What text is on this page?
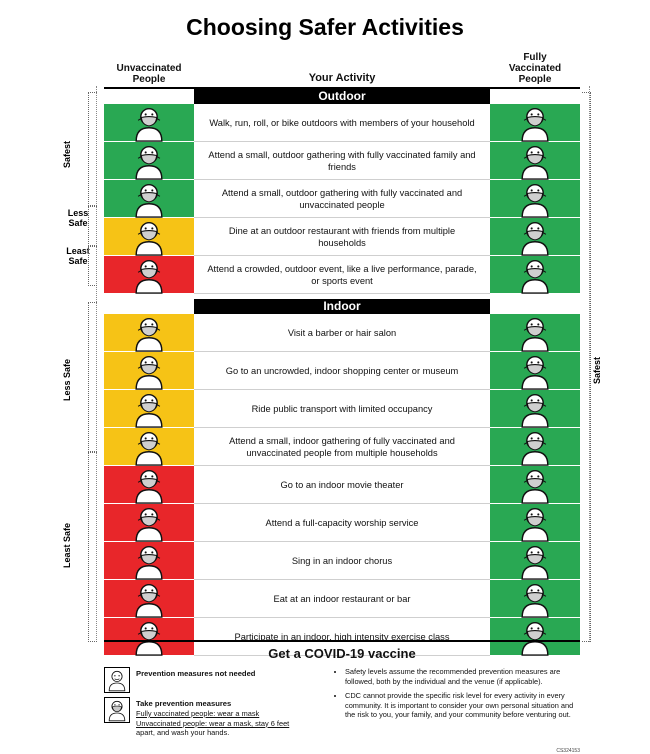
Choosing Safer Activities
Unvaccinated
People	Your Activity
Fully
Vaccinated
People
Outdoor
Walk, run, roll, or bike outdoors with members of your household
Attend a small, outdoor gathering with fully vaccinated family and friends
Attend a small, outdoor gathering with fully vaccinated and unvaccinated people
Dine at an outdoor restaurant with friends from multiple households
Attend a crowded, outdoor event, like a live performance, parade, or sports event
Indoor
Visit a barber or hair salon
Go to an uncrowded, indoor shopping center or museum
Ride public transport with limited occupancy
Attend a small, indoor gathering of fully vaccinated and unvaccinated people from multiple households
Go to an indoor movie theater
Attend a full-capacity worship service
Sing in an indoor chorus
Eat at an indoor restaurant or bar
Participate in an indoor, high intensity exercise class
Safest
Less
Safe
Least
Safe
Less Safe
Least Safe
Safest
Get a COVID-19 vaccine
Prevention measures not needed
Take prevention measures
Fully vaccinated people: wear a mask
Unvaccinated people: wear a mask, stay 6 feet
apart, and wash your hands.
• Safety levels assume the recommended prevention measures are followed, both by the individual and the venue (if applicable).
• CDC cannot provide the specific risk level for every activity in every community. It is important to consider your own personal situation and the risk to you, your family, and your community before venturing out.
CS324153
